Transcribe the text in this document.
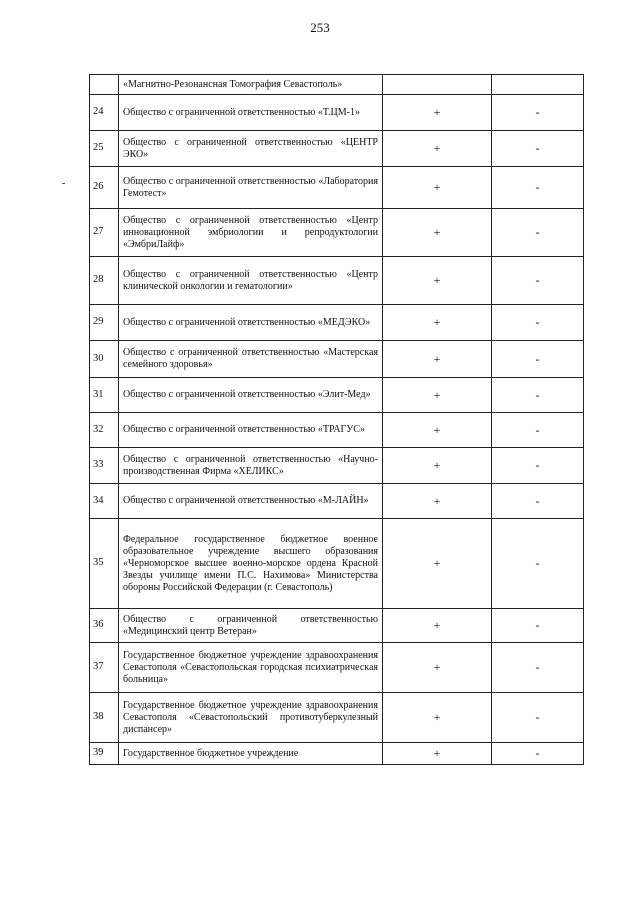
253
-
	«Магнитно-Резонансная Томография Севастополь»		
24	Общество с ограниченной ответственностью «Т.ЦМ-1»	+	-
25	Общество с ограниченной ответственностью «ЦЕНТР ЭКО»	+	-
26	Общество с ограниченной ответственностью «Лаборатория Гемотест»	+	-
27	Общество с ограниченной ответственностью «Центр инновационной эмбриологии и репродуктологии «ЭмбриЛайф»	+	-
28	Общество с ограниченной ответственностью «Центр клинической онкологии и гематологии»	+	-
29	Общество с ограниченной ответственностью «МЕДЭКО»	+	-
30	Общество с ограниченной ответственностью «Мастерская семейного здоровья»	+	-
31	Общество с ограниченной ответственностью «Элит-Мед»	+	-
32	Общество с ограниченной ответственностью «ТРАГУС»	+	-
33	Общество с ограниченной ответственностью «Научно-производственная Фирма «ХЕЛИКС»	+	-
34	Общество с ограниченной ответственностью «М-ЛАЙН»	+	-
35	Федеральное государственное бюджетное военное образовательное учреждение высшего образования «Черноморское высшее военно-морское ордена Красной Звезды училище имени П.С. Нахимова» Министерства обороны Российской Федерации (г. Севастополь)	+	-
36	Общество с ограниченной ответственностью «Медицинский центр Ветеран»	+	-
37	Государственное бюджетное учреждение здравоохранения Севастополя «Севастопольская городская психиатрическая больница»	+	-
38	Государственное бюджетное учреждение здравоохранения Севастополя «Севастопольский противотуберкулезный диспансер»	+	-
39	Государственное бюджетное учреждение	+	-
